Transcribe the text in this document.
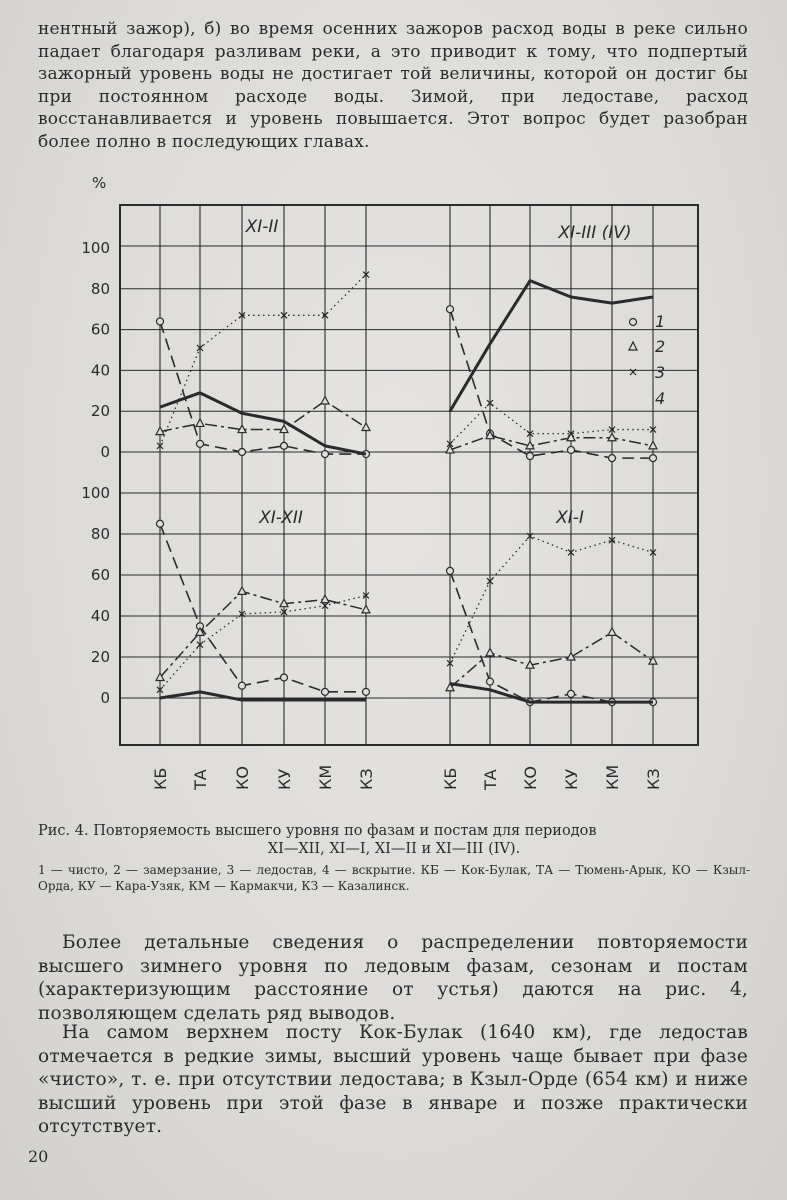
нентный зажор), б) во время осенних зажоров расход воды в реке сильно падает благодаря разливам реки, а это приводит к тому, что подпертый зажорный уровень воды не достигает той величины, которой он достиг бы при постоянном расходе воды. Зимой, при ледоставе, расход восстанавливается и уровень повышается. Этот вопрос будет разобран более полно в последующих главах.
%
0
0
20
20
40
40
60
60
80
80
100
100
КБ ТА КО КУ КМ КЗ	КБ ТА КО КУ КМ КЗ
XI-II	XI-III (IV)
XI-XII	XI-I
1
2
3
4
Рис. 4. Повторяемость высшего уровня по фазам и постам для периодов
XI—XII, XI—I, XI—II и XI—III (IV).
1 — чисто, 2 — замерзание, 3 — ледостав, 4 — вскрытие. КБ — Кок-Булак, ТА — Тюмень-Арык, КО — Кзыл-Орда, КУ — Кара-Узяк, КМ — Кармакчи, КЗ — Казалинск.
Более детальные сведения о распределении повторяемости высшего зимнего уровня по ледовым фазам, сезонам и постам (характеризующим расстояние от устья) даются на рис. 4, позволяющем сделать ряд выводов.
На самом верхнем посту Кок-Булак (1640 км), где ледостав отмечается в редкие зимы, высший уровень чаще бывает при фазе «чисто», т. е. при отсутствии ледостава; в Кзыл-Орде (654 км) и ниже высший уровень при этой фазе в январе и позже практически отсутствует.
20
